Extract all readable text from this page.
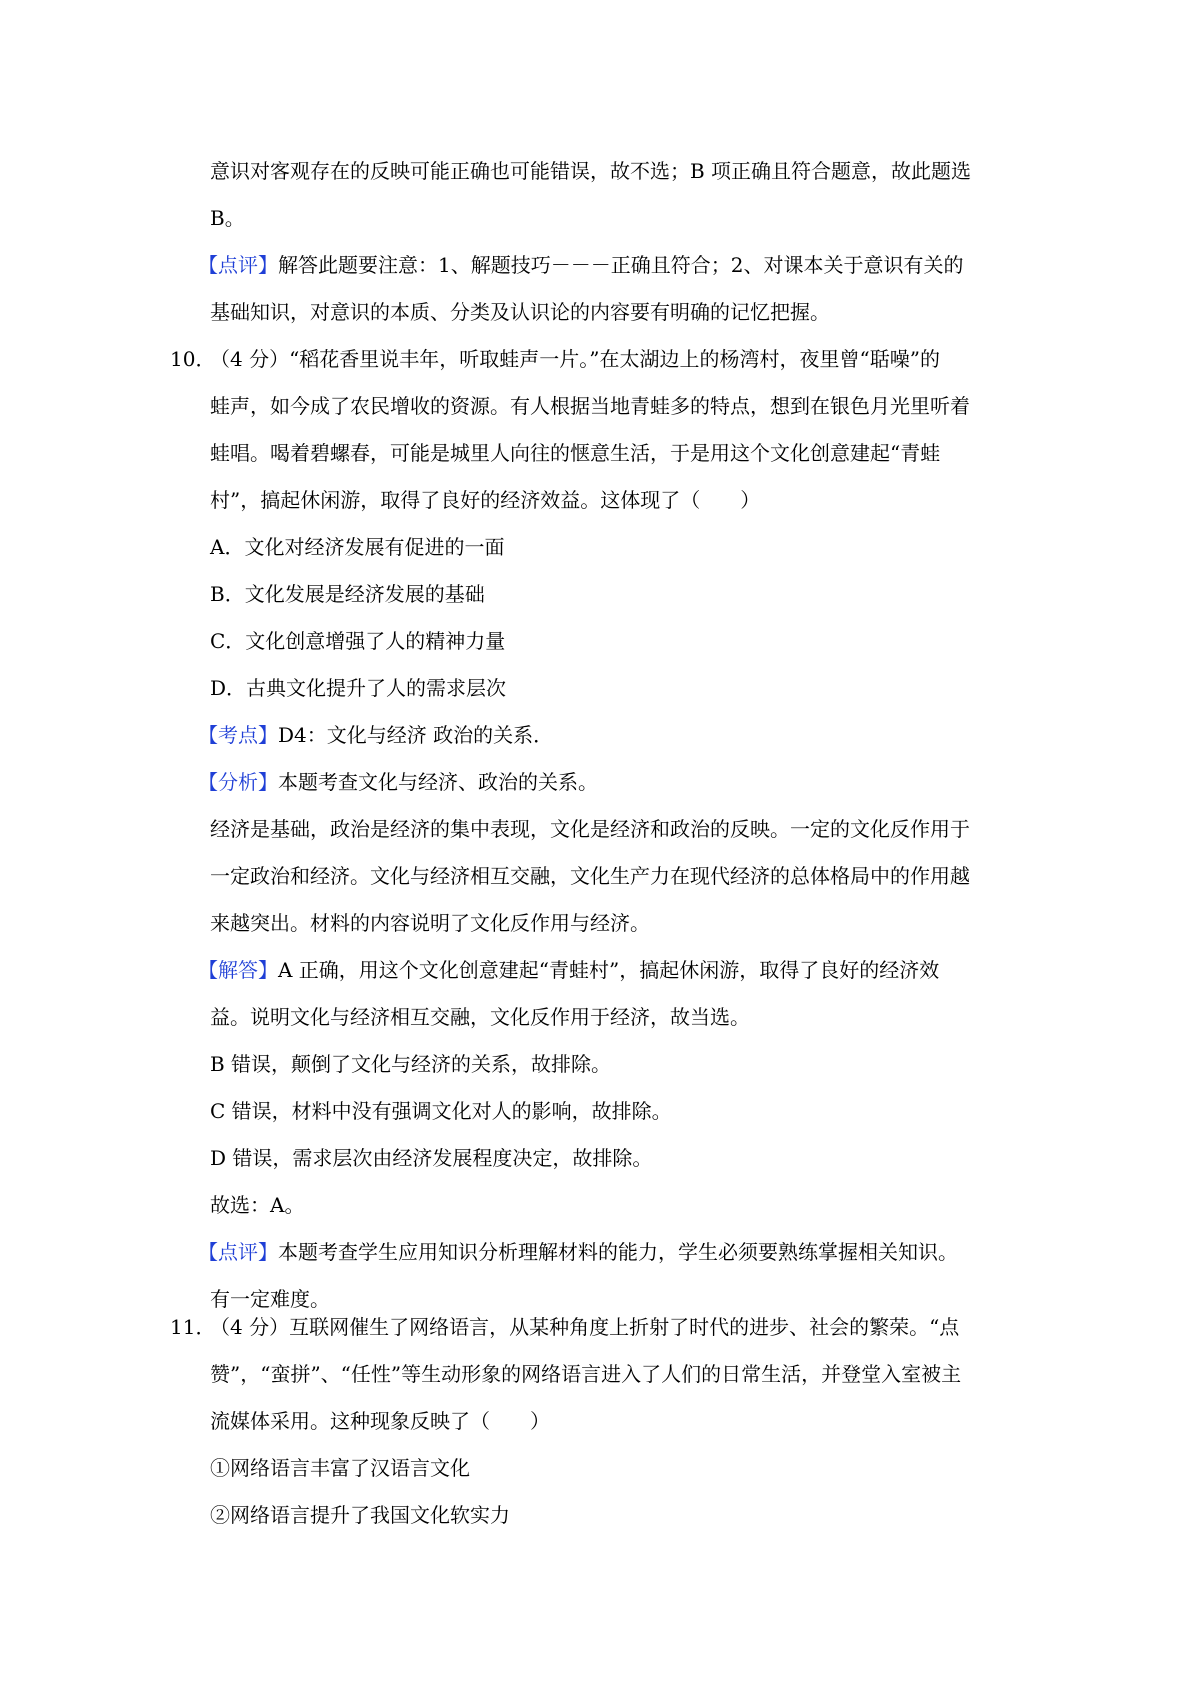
意识对客观存在的反映可能正确也可能错误，故不选；B 项正确且符合题意，故此题选
B。
【点评】解答此题要注意：1、解题技巧－－－正确且符合；2、对课本关于意识有关的
基础知识，对意识的本质、分类及认识论的内容要有明确的记忆把握。
10．
（4 分）“稻花香里说丰年，听取蛙声一片。”在太湖边上的杨湾村，夜里曾“聒噪”的
蛙声，如今成了农民增收的资源。有人根据当地青蛙多的特点，想到在银色月光里听着
蛙唱。喝着碧螺春，可能是城里人向往的惬意生活，于是用这个文化创意建起“青蛙
村”，搞起休闲游，取得了良好的经济效益。这体现了（　　）
A．文化对经济发展有促进的一面
B．文化发展是经济发展的基础
C．文化创意增强了人的精神力量
D．古典文化提升了人的需求层次
【考点】D4：文化与经济 政治的关系．
【分析】本题考查文化与经济、政治的关系。
经济是基础，政治是经济的集中表现，文化是经济和政治的反映。一定的文化反作用于
一定政治和经济。文化与经济相互交融，文化生产力在现代经济的总体格局中的作用越
来越突出。材料的内容说明了文化反作用与经济。
【解答】A 正确，用这个文化创意建起“青蛙村”，搞起休闲游，取得了良好的经济效
益。说明文化与经济相互交融，文化反作用于经济，故当选。
B 错误，颠倒了文化与经济的关系，故排除。
C 错误，材料中没有强调文化对人的影响，故排除。
D 错误，需求层次由经济发展程度决定，故排除。
故选：A。
【点评】本题考查学生应用知识分析理解材料的能力，学生必须要熟练掌握相关知识。
有一定难度。
11．
（4 分）互联网催生了网络语言，从某种角度上折射了时代的进步、社会的繁荣。“点
赞”，“蛮拼”、“任性”等生动形象的网络语言进入了人们的日常生活，并登堂入室被主
流媒体采用。这种现象反映了（　　）
①网络语言丰富了汉语言文化
②网络语言提升了我国文化软实力
